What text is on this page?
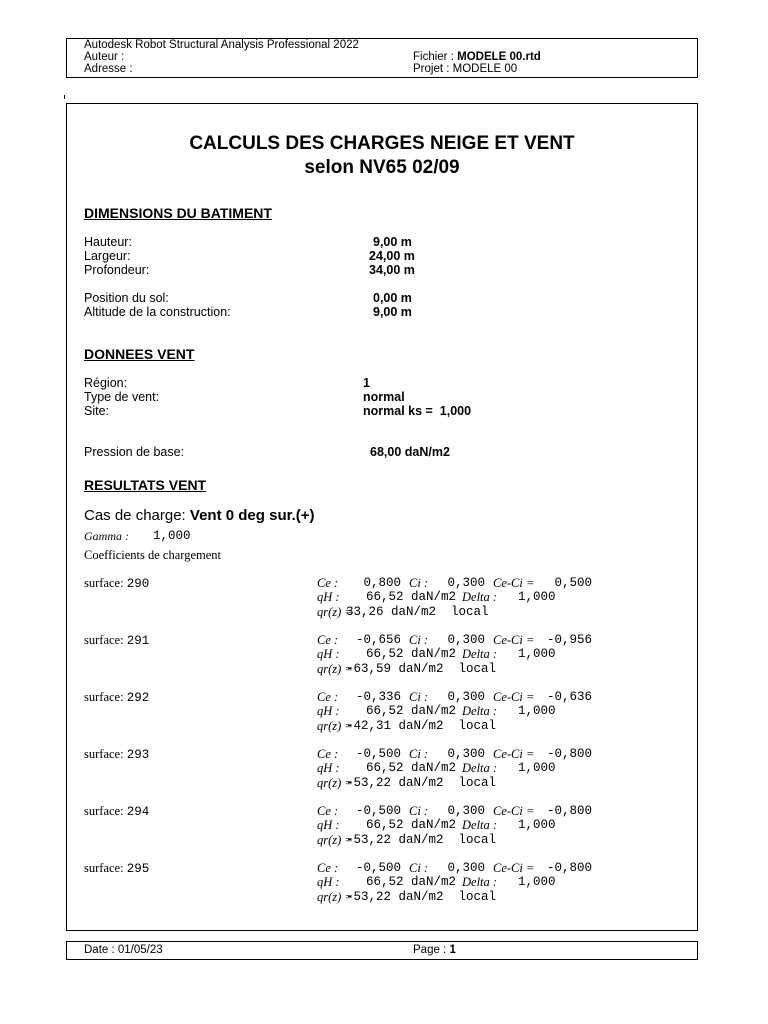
Autodesk Robot Structural Analysis Professional 2022
Auteur :
Adresse :
Fichier : MODELE 00.rtd
Projet : MODELE 00
CALCULS DES CHARGES NEIGE ET VENT
selon NV65 02/09
DIMENSIONS DU BATIMENT
Hauteur:	9,00 m
Largeur:	24,00 m
Profondeur:	34,00 m
Position du sol:	0,00 m
Altitude de la construction:	9,00 m
DONNEES VENT
Région:	1
Type de vent:	normal
Site:	normal ks =  1,000
Pression de base:	68,00 daN/m2
RESULTATS VENT
Cas de charge: Vent 0 deg sur.(+)
Gamma : 1,000
Coefficients de chargement
surface: 290	Ce :	0,800 Ci :	0,300 Ce-Ci =	0,500
qH : 66,52 daN/m2 Delta : 1,000
qr(z) =
33,26 daN/m2  local
surface: 291	Ce :	-0,656 Ci :	0,300 Ce-Ci =	-0,956
qH : 66,52 daN/m2 Delta : 1,000
qr(z) =
-63,59 daN/m2  local
surface: 292	Ce :	-0,336 Ci :	0,300 Ce-Ci =	-0,636
qH : 66,52 daN/m2 Delta : 1,000
qr(z) =
-42,31 daN/m2  local
surface: 293	Ce :	-0,500 Ci :	0,300 Ce-Ci =	-0,800
qH : 66,52 daN/m2 Delta : 1,000
qr(z) =
-53,22 daN/m2  local
surface: 294	Ce :	-0,500 Ci :	0,300 Ce-Ci =	-0,800
qH : 66,52 daN/m2 Delta : 1,000
qr(z) =
-53,22 daN/m2  local
surface: 295	Ce :	-0,500 Ci :	0,300 Ce-Ci =	-0,800
qH : 66,52 daN/m2 Delta : 1,000
qr(z) =
-53,22 daN/m2  local
Date : 01/05/23	Page : 1
